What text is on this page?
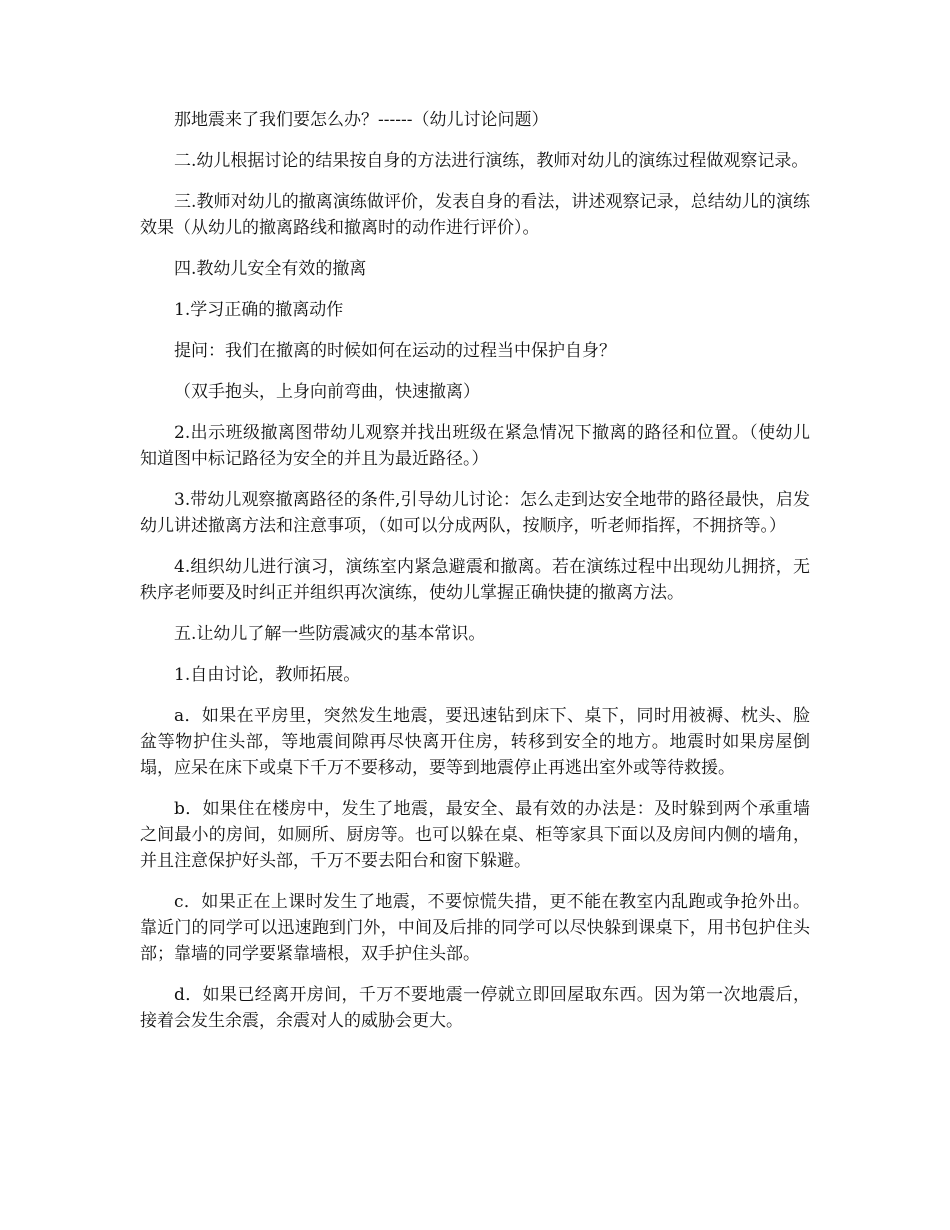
那地震来了我们要怎么办？------（幼儿讨论问题）

二.幼儿根据讨论的结果按自身的方法进行演练，教师对幼儿的演练过程做观察记录。

三.教师对幼儿的撤离演练做评价，发表自身的看法，讲述观察记录，总结幼儿的演练效果（从幼儿的撤离路线和撤离时的动作进行评价）。

四.教幼儿安全有效的撤离

1.学习正确的撤离动作

提问：我们在撤离的时候如何在运动的过程当中保护自身？

（双手抱头，上身向前弯曲，快速撤离）

2.出示班级撤离图带幼儿观察并找出班级在紧急情况下撤离的路径和位置。（使幼儿知道图中标记路径为安全的并且为最近路径。）

3.带幼儿观察撤离路径的条件,引导幼儿讨论：怎么走到达安全地带的路径最快，启发幼儿讲述撤离方法和注意事项，（如可以分成两队，按顺序，听老师指挥，不拥挤等。）

4.组织幼儿进行演习，演练室内紧急避震和撤离。若在演练过程中出现幼儿拥挤，无秩序老师要及时纠正并组织再次演练，使幼儿掌握正确快捷的撤离方法。

五.让幼儿了解一些防震减灾的基本常识。

1.自由讨论，教师拓展。

a．如果在平房里，突然发生地震，要迅速钻到床下、桌下，同时用被褥、枕头、脸盆等物护住头部，等地震间隙再尽快离开住房，转移到安全的地方。地震时如果房屋倒塌，应呆在床下或桌下千万不要移动，要等到地震停止再逃出室外或等待救援。

b．如果住在楼房中，发生了地震，最安全、最有效的办法是：及时躲到两个承重墙之间最小的房间，如厕所、厨房等。也可以躲在桌、柜等家具下面以及房间内侧的墙角，并且注意保护好头部，千万不要去阳台和窗下躲避。

c．如果正在上课时发生了地震，不要惊慌失措，更不能在教室内乱跑或争抢外出。靠近门的同学可以迅速跑到门外，中间及后排的同学可以尽快躲到课桌下，用书包护住头部；靠墙的同学要紧靠墙根，双手护住头部。

d．如果已经离开房间，千万不要地震一停就立即回屋取东西。因为第一次地震后，接着会发生余震，余震对人的威胁会更大。
